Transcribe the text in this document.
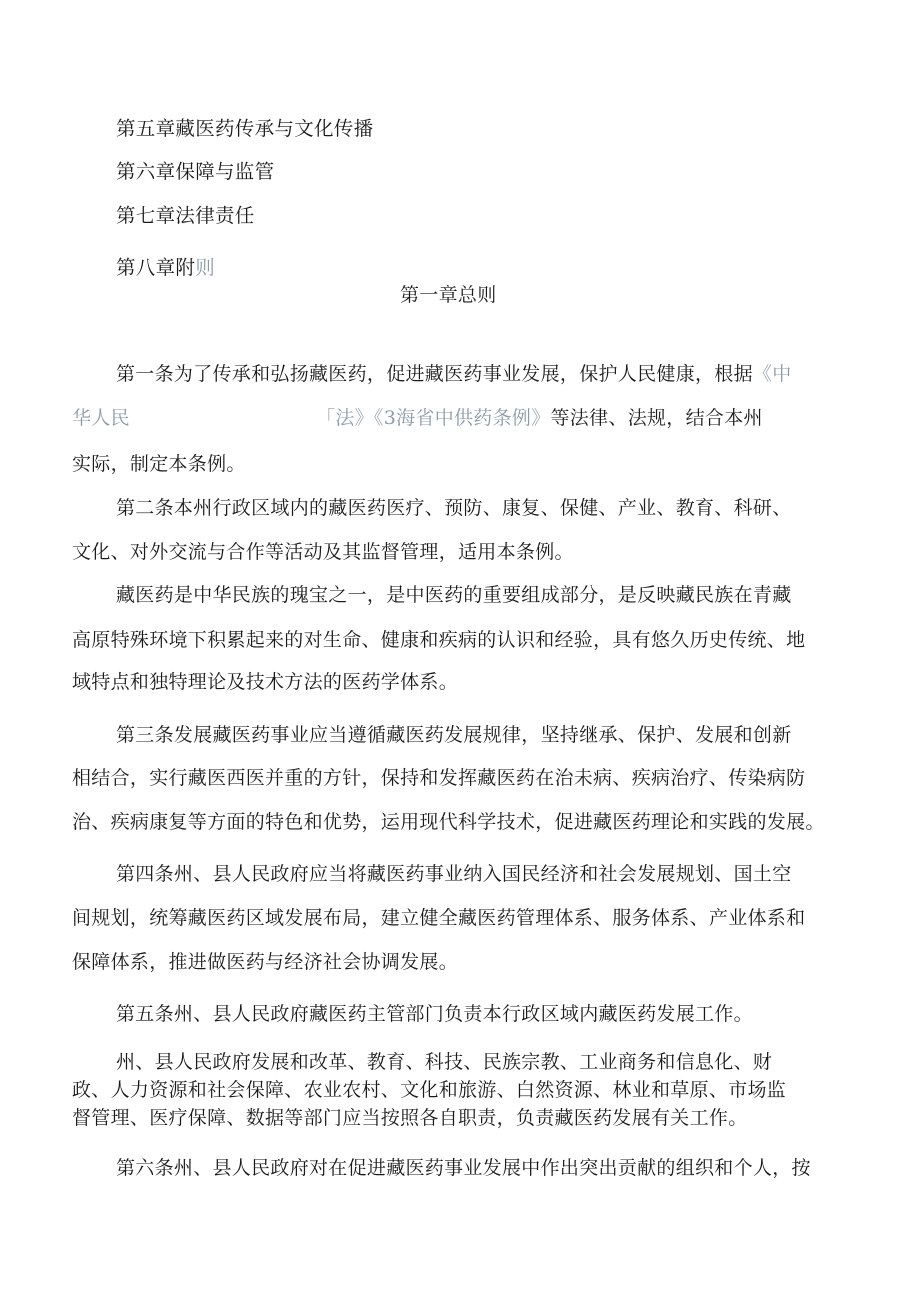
第五章藏医药传承与文化传播
第六章保障与监管
第七章法律责任
第八章附则
第一章总则
第一条为了传承和弘扬藏医药，促进藏医药事业发展，保护人民健康，根据《中
华人民	「法》《3海省中供药条例》等法律、法规，结合本州
实际，制定本条例。
第二条本州行政区域内的藏医药医疗、预防、康复、保健、产业、教育、科研、
文化、对外交流与合作等活动及其监督管理，适用本条例。
藏医药是中华民族的瑰宝之一，是中医药的重要组成部分，是反映藏民族在青藏
高原特殊环境下积累起来的对生命、健康和疾病的认识和经验，具有悠久历史传统、地
域特点和独特理论及技术方法的医药学体系。
第三条发展藏医药事业应当遵循藏医药发展规律，坚持继承、保护、发展和创新
相结合，实行藏医西医并重的方针，保持和发挥藏医药在治未病、疾病治疗、传染病防
治、疾病康复等方面的特色和优势，运用现代科学技术，促进藏医药理论和实践的发展。
第四条州、县人民政府应当将藏医药事业纳入国民经济和社会发展规划、国土空
间规划，统筹藏医药区域发展布局，建立健全藏医药管理体系、服务体系、产业体系和
保障体系，推进做医药与经济社会协调发展。
第五条州、县人民政府藏医药主管部门负责本行政区域内藏医药发展工作。
州、县人民政府发展和改革、教育、科技、民族宗教、工业商务和信息化、财
政、人力资源和社会保障、农业农村、文化和旅游、白然资源、林业和草原、市场监
督管理、医疗保障、数据等部门应当按照各自职责，负责藏医药发展有关工作。
第六条州、县人民政府对在促进藏医药事业发展中作出突出贡献的组织和个人，按
